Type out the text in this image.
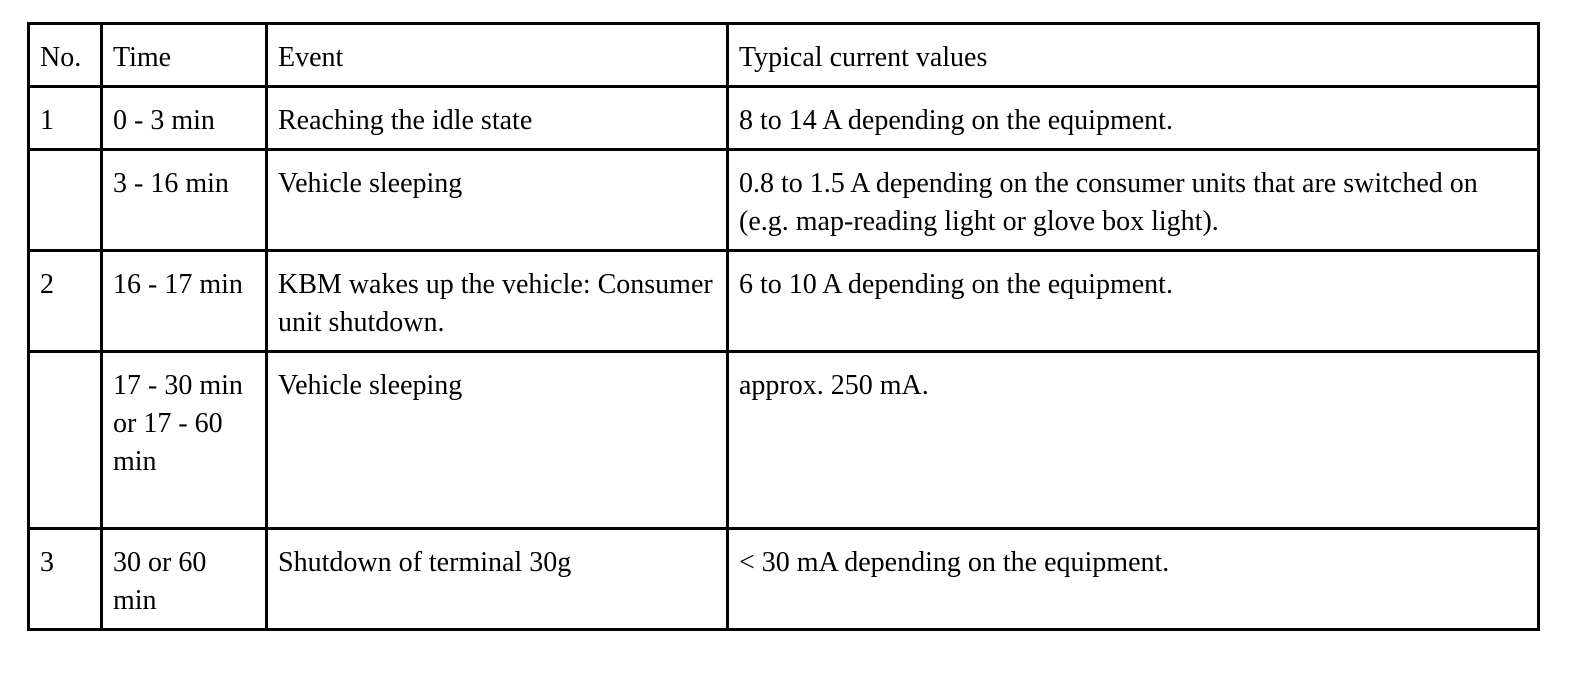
No.	Time	Event	Typical current values
1	0 - 3 min	Reaching the idle state	8 to 14 A depending on the equipment.
	3 - 16 min	Vehicle sleeping	0.8 to 1.5 A depending on the consumer units that are switched on (e.g. map-reading light or glove box light).
2	16 - 17 min	KBM wakes up the vehicle: Consumer unit shutdown.	6 to 10 A depending on the equipment.
	17 - 30 min or 17 - 60 min	Vehicle sleeping	approx. 250 mA.
3	30 or 60 min	Shutdown of terminal 30g	< 30 mA depending on the equipment.
